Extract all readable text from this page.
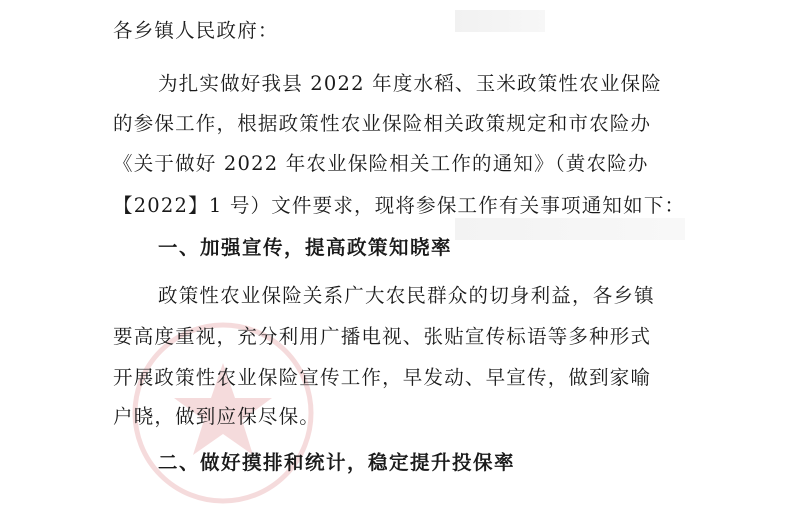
各乡镇人民政府：
为扎实做好我县 2022 年度水稻、玉米政策性农业保险
的参保工作，根据政策性农业保险相关政策规定和市农险办
《关于做好 2022 年农业保险相关工作的通知》（黄农险办
【2022】1 号）文件要求，现将参保工作有关事项通知如下：
一、加强宣传，提高政策知晓率
政策性农业保险关系广大农民群众的切身利益，各乡镇
要高度重视，充分利用广播电视、张贴宣传标语等多种形式
开展政策性农业保险宣传工作，早发动、早宣传，做到家喻
户晓，做到应保尽保。
二、做好摸排和统计，稳定提升投保率
